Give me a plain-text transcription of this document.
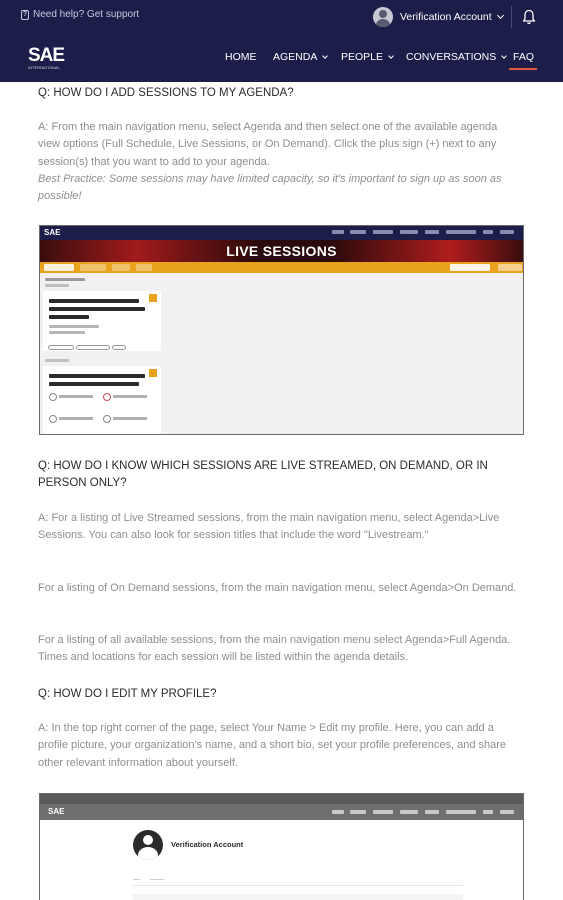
? Need help? Get support	Verification Account
SAE
INTERNATIONAL
HOME AGENDA PEOPLE CONVERSATIONS FAQ
Q: HOW DO I ADD SESSIONS TO MY AGENDA?
A: From the main navigation menu, select Agenda and then select one of the available agenda view options (Full Schedule, Live Sessions, or On Demand). Click the plus sign (+) next to any session(s) that you want to add to your agenda.
Best Practice: Some sessions may have limited capacity, so it's important to sign up as soon as possible!
SAE
LIVE SESSIONS

Q: HOW DO I KNOW WHICH SESSIONS ARE LIVE STREAMED, ON DEMAND, OR IN PERSON ONLY?
A: For a listing of Live Streamed sessions, from the main navigation menu, select Agenda>Live Sessions. You can also look for session titles that include the word "Livestream."
For a listing of On Demand sessions, from the main navigation menu, select Agenda>On Demand.
For a listing of all available sessions, from the main navigation menu select Agenda>Full Agenda. Times and locations for each session will be listed within the agenda details.
Q: HOW DO I EDIT MY PROFILE?
A: In the top right corner of the page, select Your Name > Edit my profile. Here, you can add a profile picture, your organization's name, and a short bio, set your profile preferences, and share other relevant information about yourself.
SAE
Verification Account
── ────
